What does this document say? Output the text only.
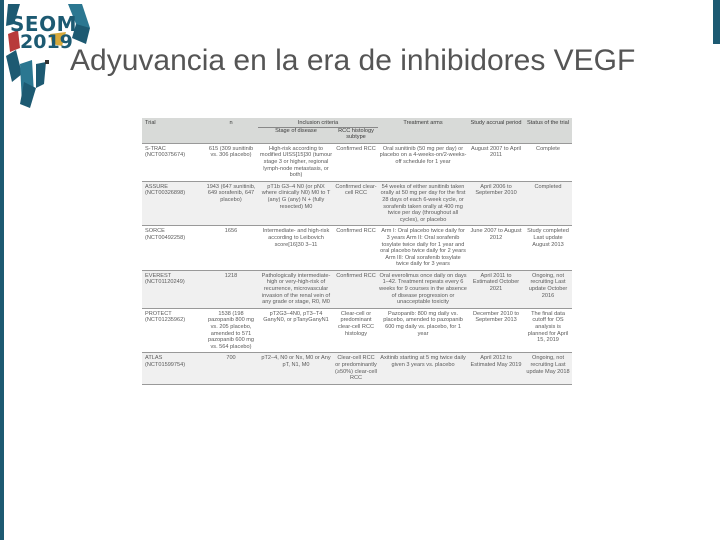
SEOM
2019
Adyuvancia en la era de inhibidores VEGF
Trial	n	Inclusion criteria		Treatment arms	Study accrual period	Status of the trial
		Stage of disease	RCC histology subtype			
S-TRAC (NCT00375674)	615 (309 sunitinib vs. 306 placebo)	High-risk according to modified UISS[15]30 (tumour stage 3 or higher, regional lymph-node metastasis, or both)	Confirmed RCC	Oral sunitinib (50 mg per day) or placebo on a 4-weeks-on/2-weeks-off schedule for 1 year	August 2007 to April 2011	Complete
ASSURE (NCT00326898)	1943 (647 sunitinib, 649 sorafenib, 647 placebo)	pT1b G3–4 N0 (or pNX where clinically N0) M0 to T (any) G (any) N + (fully resected) M0	Confirmed clear-cell RCC	54 weeks of either sunitinib taken orally at 50 mg per day for the first 28 days of each 6-week cycle, or sorafenib taken orally at 400 mg twice per day (throughout all cycles), or placebo	April 2006 to September 2010	Completed
SORCE (NCT00492258)	1656	Intermediate- and high-risk according to Leibovich score[16]30 3–11	Confirmed RCC	Arm I: Oral placebo twice daily for 3 years Arm II: Oral sorafenib tosylate twice daily for 1 year and oral placebo twice daily for 2 years Arm III: Oral sorafenib tosylate twice daily for 3 years	June 2007 to August 2012	Study completed Last update August 2013
EVEREST (NCT01120249)	1218	Pathologically intermediate-high or very-high-risk of recurrence, microvascular invasion of the renal vein of any grade or stage, R0, M0	Confirmed RCC	Oral everolimus once daily on days 1–42. Treatment repeats every 6 weeks for 9 courses in the absence of disease progression or unacceptable toxicity	April 2011 to Estimated October 2021	Ongoing, not recruiting Last update October 2016
PROTECT (NCT01235962)	1538 (198 pazopanib 800 mg vs. 205 placebo, amended to 571 pazopanib 600 mg vs. 564 placebo)	pT2G3–4N0, pT3–T4 GanyN0, or pTanyGanyN1	Clear-cell or predominant clear-cell RCC histology	Pazopanib: 800 mg daily vs. placebo, amended to pazopanib 600 mg daily vs. placebo, for 1 year	December 2010 to September 2013	The final data cutoff for OS analysis is planned for April 15, 2019
ATLAS (NCT01599754)	700	pT2–4, N0 or Nx, M0 or Any pT, N1, M0	Clear-cell RCC or predominantly (≥50%) clear-cell RCC	Axitinib starting at 5 mg twice daily given 3 years vs. placebo	April 2012 to Estimated May 2019	Ongoing, not recruiting Last update May 2018
